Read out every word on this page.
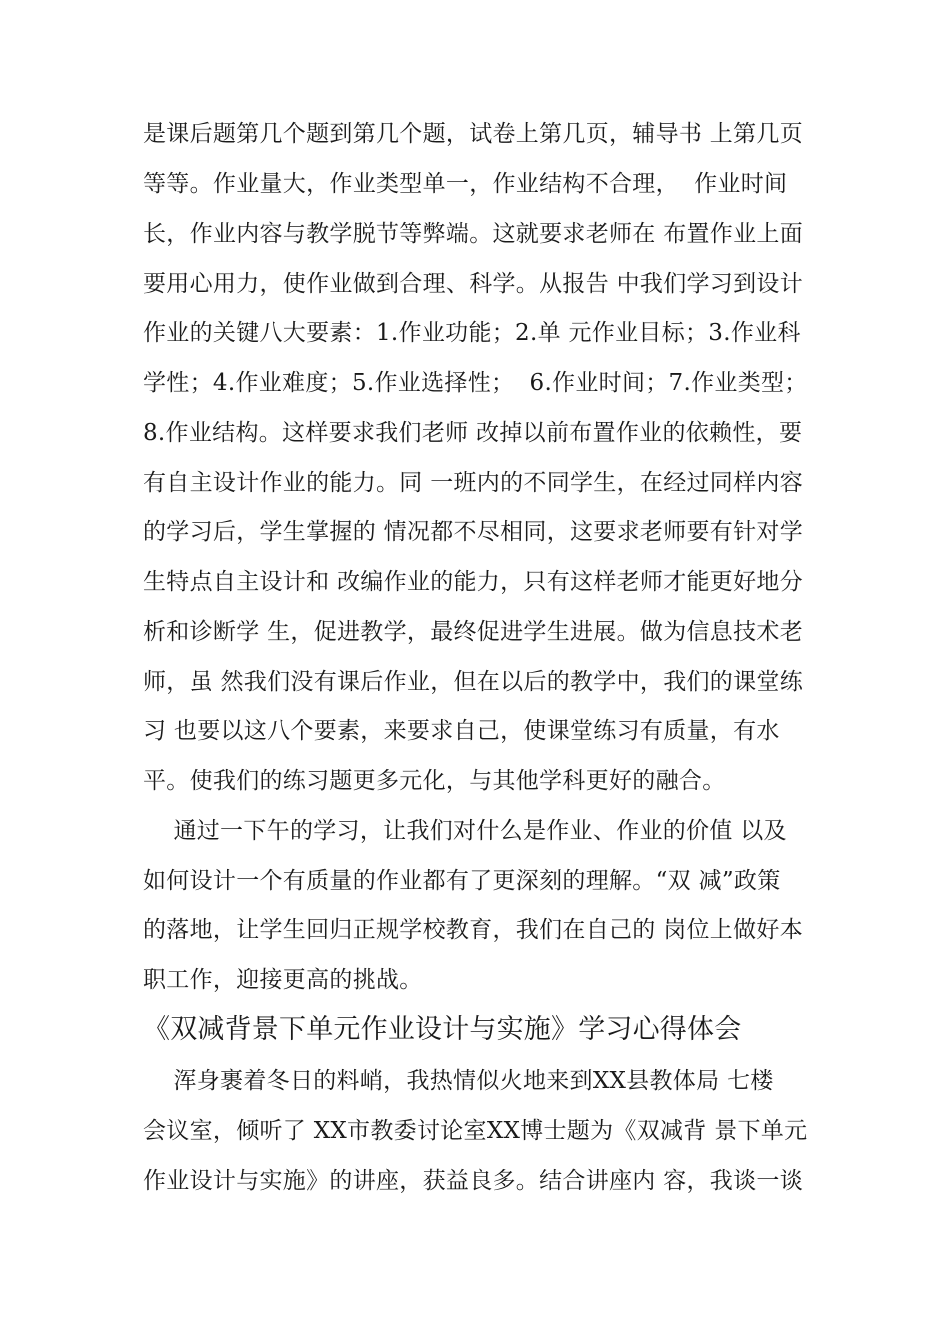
是课后题第几个题到第几个题，试卷上第几页，辅导书 上第几页
等等。作业量大，作业类型单一，作业结构不合理，  作业时间
长，作业内容与教学脱节等弊端。这就要求老师在 布置作业上面
要用心用力，使作业做到合理、科学。从报告 中我们学习到设计
作业的关键八大要素：1.作业功能；2.单 元作业目标；3.作业科
学性；4.作业难度；5.作业选择性；  6.作业时间；7.作业类型；
8.作业结构。这样要求我们老师 改掉以前布置作业的依赖性，要
有自主设计作业的能力。同 一班内的不同学生，在经过同样内容
的学习后，学生掌握的 情况都不尽相同，这要求老师要有针对学
生特点自主设计和 改编作业的能力，只有这样老师才能更好地分
析和诊断学 生，促进教学，最终促进学生进展。做为信息技术老
师，虽 然我们没有课后作业，但在以后的教学中，我们的课堂练
习 也要以这八个要素，来要求自己，使课堂练习有质量，有水
平。使我们的练习题更多元化，与其他学科更好的融合。
通过一下午的学习，让我们对什么是作业、作业的价值 以及
如何设计一个有质量的作业都有了更深刻的理解。“双 减”政策
的落地，让学生回归正规学校教育，我们在自己的 岗位上做好本
职工作，迎接更高的挑战。
《双减背景下单元作业设计与实施》学习心得体会
浑身裹着冬日的料峭，我热情似火地来到XX县教体局 七楼
会议室，倾听了 XX市教委讨论室XX博士题为《双减背 景下单元
作业设计与实施》的讲座，获益良多。结合讲座内 容，我谈一谈
